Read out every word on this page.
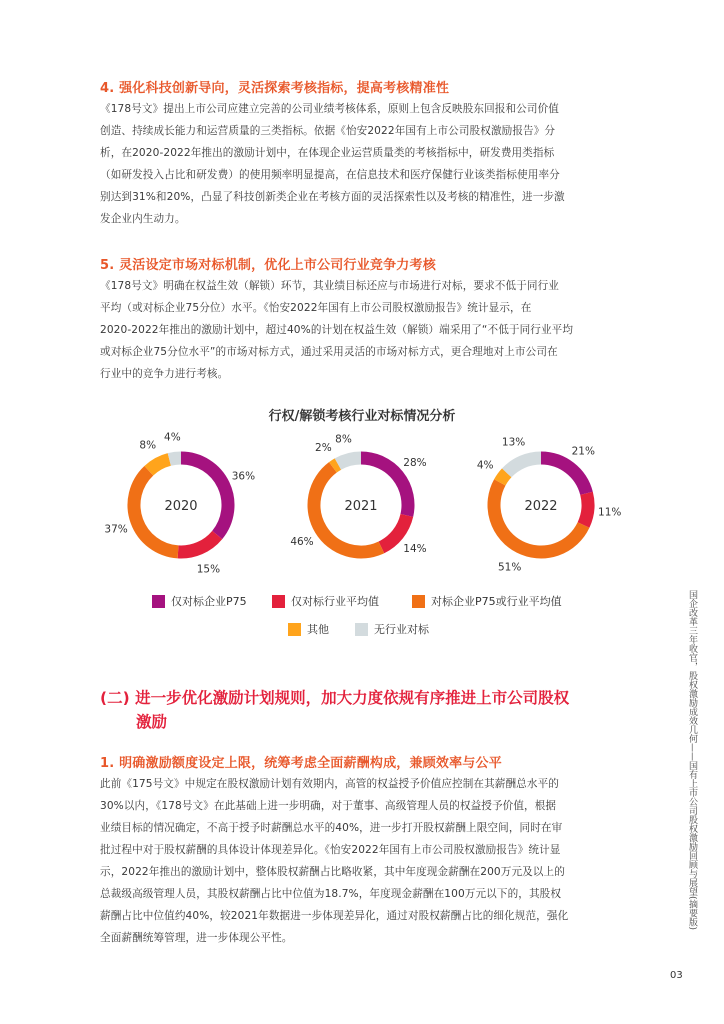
4. 强化科技创新导向，灵活探索考核指标，提高考核精准性
《178号文》提出上市公司应建立完善的公司业绩考核体系，原则上包含反映股东回报和公司价值
创造、持续成长能力和运营质量的三类指标。依据《怡安2022年国有上市公司股权激励报告》分
析，在2020-2022年推出的激励计划中，在体现企业运营质量类的考核指标中，研发费用类指标
（如研发投入占比和研发费）的使用频率明显提高，在信息技术和医疗保健行业该类指标使用率分
别达到31%和20%，凸显了科技创新类企业在考核方面的灵活探索性以及考核的精准性，进一步激
发企业内生动力。
5. 灵活设定市场对标机制，优化上市公司行业竞争力考核
《178号文》明确在权益生效（解锁）环节，其业绩目标还应与市场进行对标，要求不低于同行业
平均（或对标企业75分位）水平。《怡安2022年国有上市公司股权激励报告》统计显示，在
2020-2022年推出的激励计划中，超过40%的计划在权益生效（解锁）端采用了“不低于同行业平均
或对标企业75分位水平”的市场对标方式，通过采用灵活的市场对标方式，更合理地对上市公司在
行业中的竞争力进行考核。
行权/解锁考核行业对标情况分析
36%
15%
37%
8%
4%
2020
28%
14%
46%
2%
8%
2021
21%
11%
51%
4%
13%
2022
仅对标企业P75	仅对标行业平均值	对标企业P75或行业平均值
其他	无行业对标
(二) 进一步优化激励计划规则，加大力度依规有序推进上市公司股权
激励
1. 明确激励额度设定上限，统筹考虑全面薪酬构成，兼顾效率与公平
此前《175号文》中规定在股权激励计划有效期内，高管的权益授予价值应控制在其薪酬总水平的
30%以内，《178号文》在此基础上进一步明确，对于董事、高级管理人员的权益授予价值，根据
业绩目标的情况确定，不高于授予时薪酬总水平的40%，进一步打开股权薪酬上限空间，同时在审
批过程中对于股权薪酬的具体设计体现差异化。《怡安2022年国有上市公司股权激励报告》统计显
示，2022年推出的激励计划中，整体股权薪酬占比略收紧，其中年度现金薪酬在200万元及以上的
总裁级高级管理人员，其股权薪酬占比中位值为18.7%，年度现金薪酬在100万元以下的，其股权
薪酬占比中位值约40%，较2021年数据进一步体现差异化，通过对股权薪酬占比的细化规范，强化
全面薪酬统筹管理，进一步体现公平性。
国企改革三年收官，股权激励成效几何——国有上市公司股权激励回顾与展望(摘要版)
03
